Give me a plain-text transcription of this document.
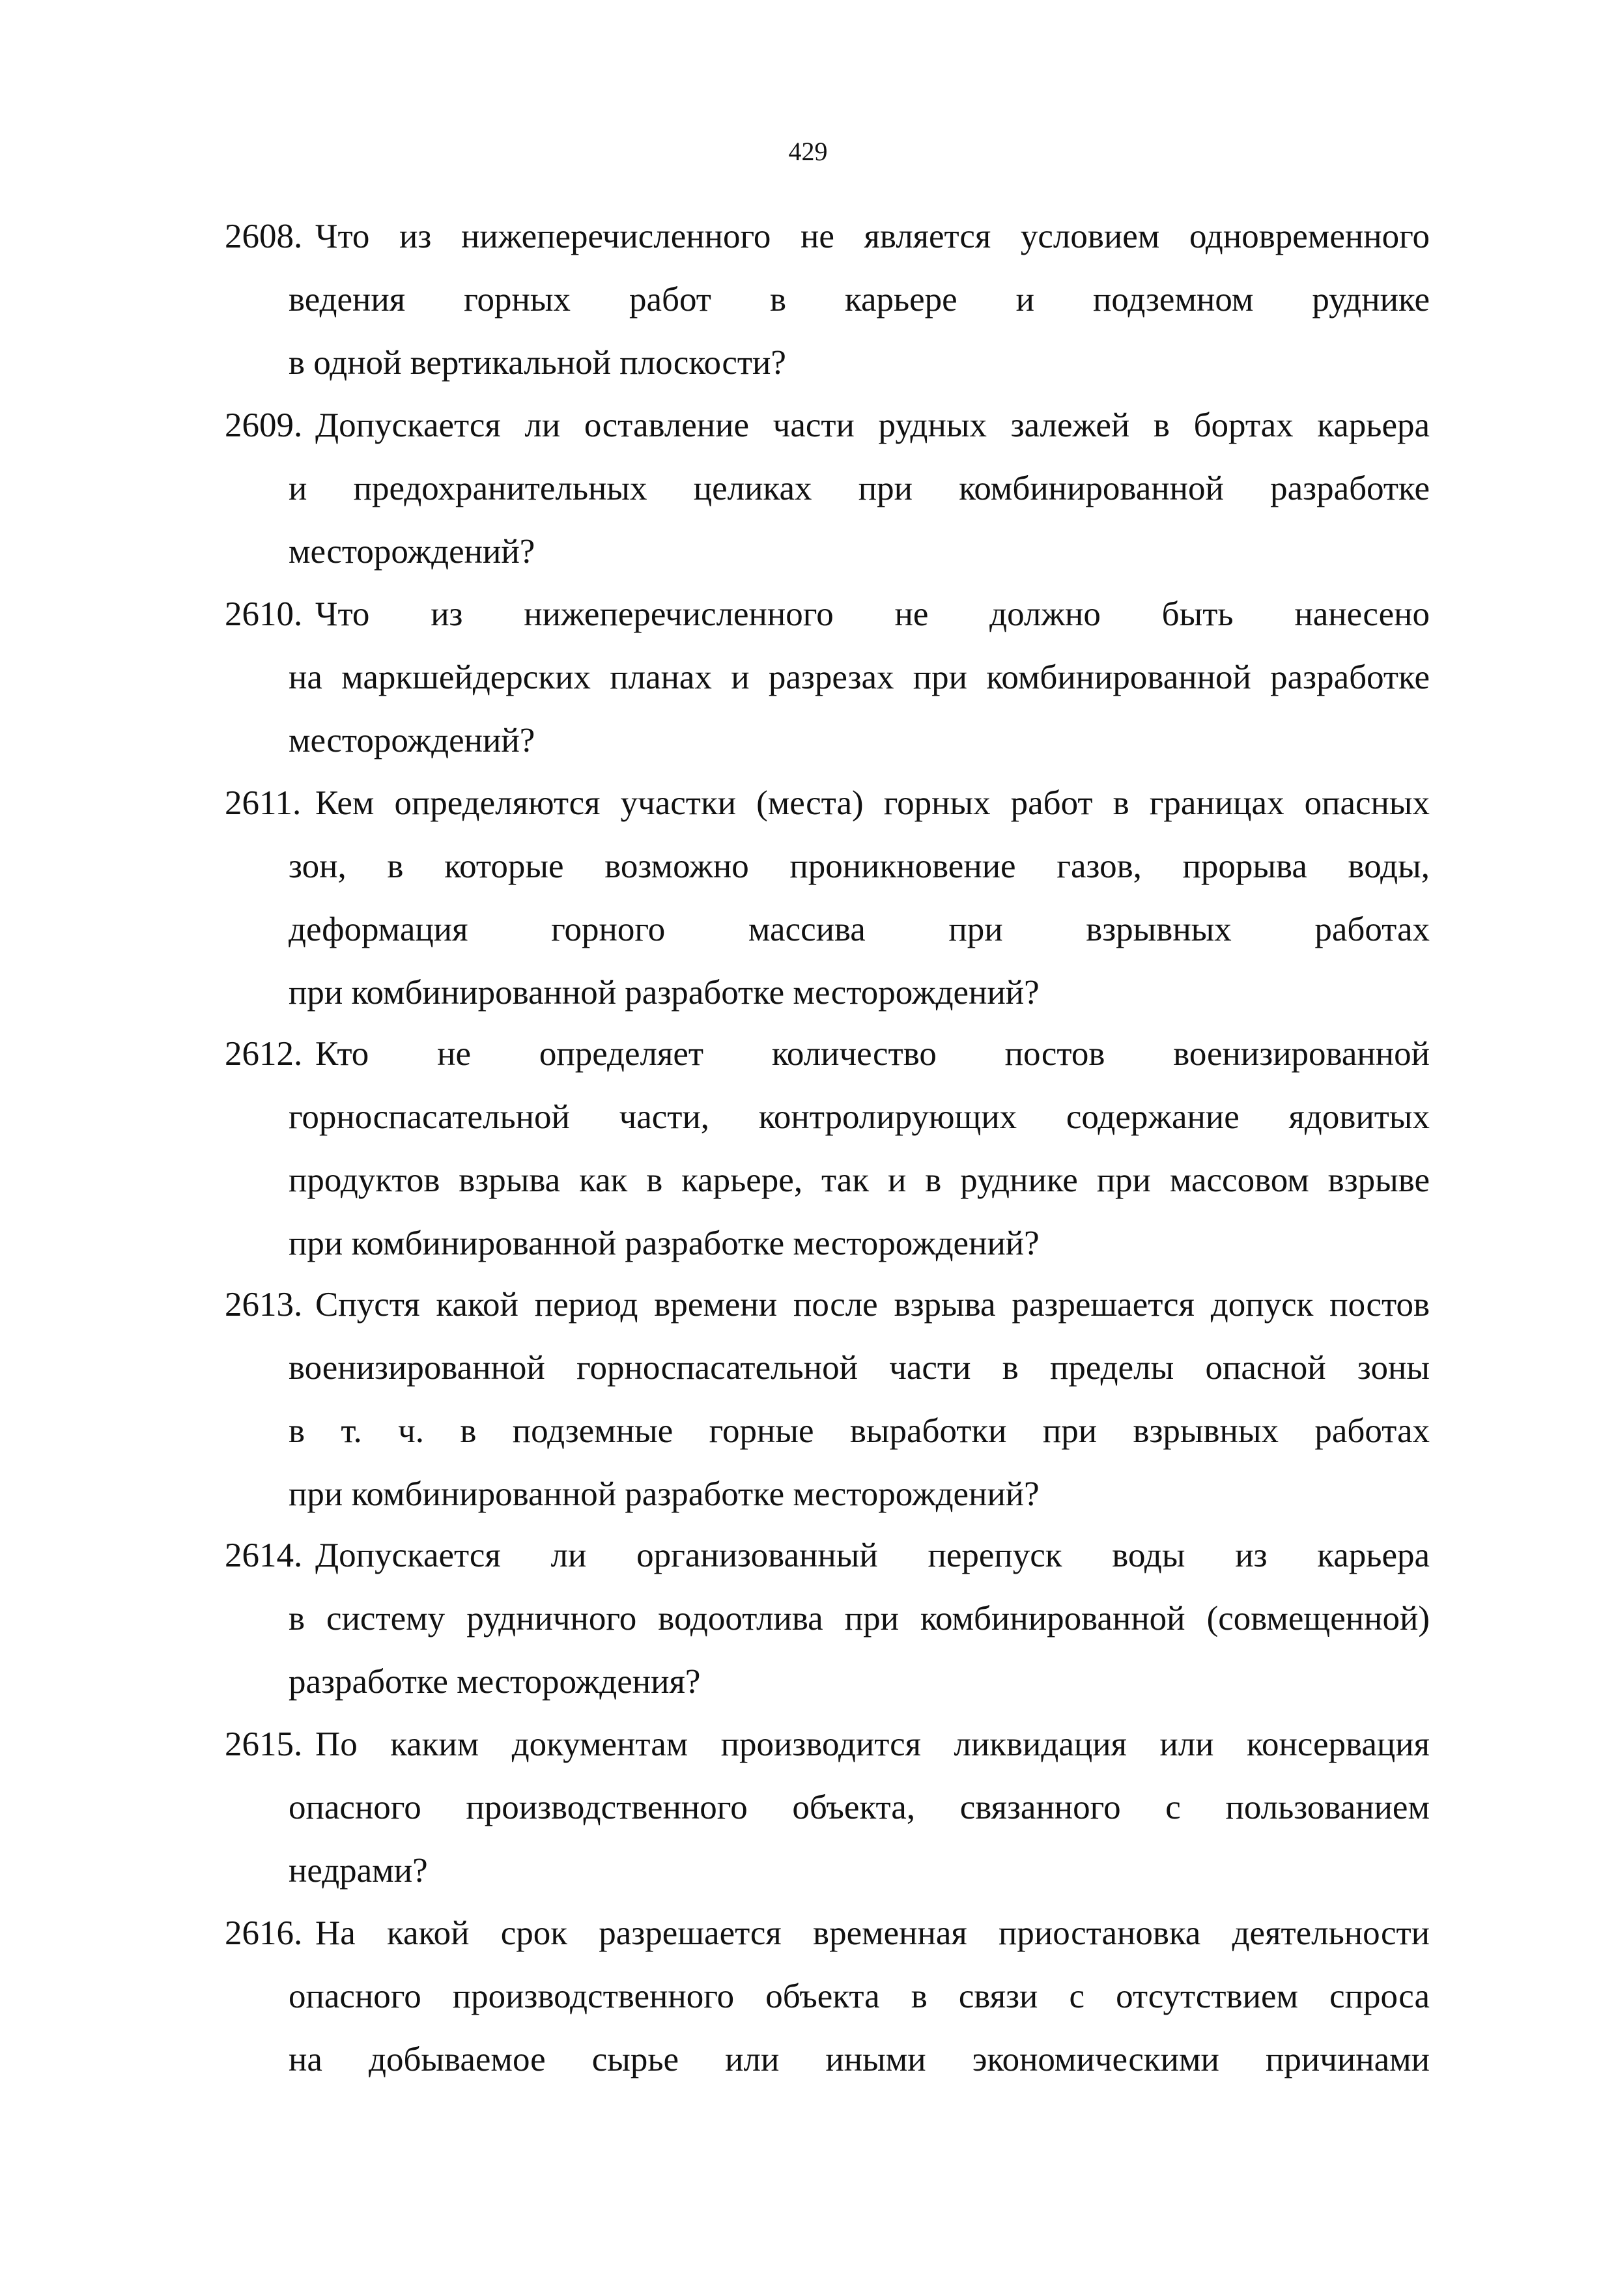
429
2608. Что из нижеперечисленного не является условием одновременного
ведения горных работ в карьере и подземном руднике
в одной вертикальной плоскости?
2609. Допускается ли оставление части рудных залежей в бортах карьера
и предохранительных целиках при комбинированной разработке
месторождений?
2610. Что из нижеперечисленного не должно быть нанесено
на маркшейдерских планах и разрезах при комбинированной разработке
месторождений?
2611. Кем определяются участки (места) горных работ в границах опасных
зон, в которые возможно проникновение газов, прорыва воды,
деформация горного массива при взрывных работах
при комбинированной разработке месторождений?
2612. Кто не определяет количество постов военизированной
горноспасательной части, контролирующих содержание ядовитых
продуктов взрыва как в карьере, так и в руднике при массовом взрыве
при комбинированной разработке месторождений?
2613. Спустя какой период времени после взрыва разрешается допуск постов
военизированной горноспасательной части в пределы опасной зоны
в т. ч. в подземные горные выработки при взрывных работах
при комбинированной разработке месторождений?
2614. Допускается ли организованный перепуск воды из карьера
в систему рудничного водоотлива при комбинированной (совмещенной)
разработке месторождения?
2615. По каким документам производится ликвидация или консервация
опасного производственного объекта, связанного с пользованием
недрами?
2616. На какой срок разрешается временная приостановка деятельности
опасного производственного объекта в связи с отсутствием спроса
на добываемое сырье или иными экономическими причинами
